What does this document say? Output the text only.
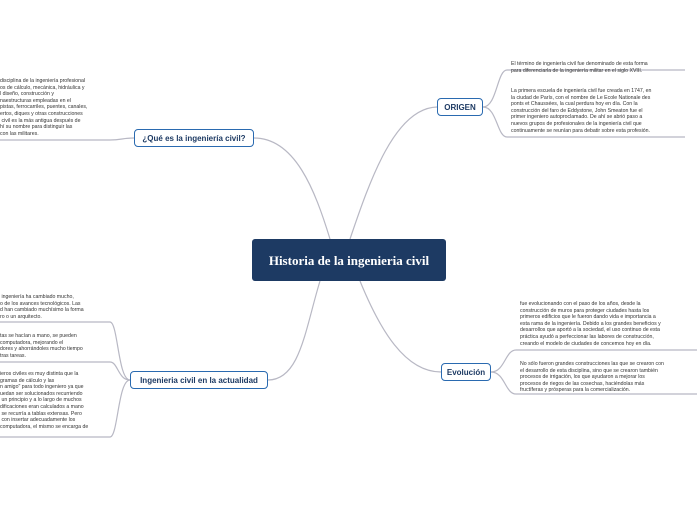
Historia de la ingenieria civil
ORIGEN
¿Qué es la ingeniería civil?
Evolución
Ingenieria civil en la actualidad
El término de ingeniería civil fue denominado de esta forma
para diferenciarla de la ingeniería militar en el siglo XVIII.
La primera escuela de ingeniería civil fue creada en 1747, en
la ciudad de París, con el nombre de Le Ecole Nationale des
ponts et Chaussées, la cual perdura hoy en día. Con la
construcción del faro de Eddystone, John Smeaton fue el
primer ingeniero autoproclamado. De ahí se abrió paso a
nuevos grupos de profesionales de la ingeniería civil que
continuamente se reunían para debatir sobre esta profesión.
disciplina de la ingeniería profesional
os de cálculo, mecánica, hidráulica y
l diseño, construcción y
naestructuras empleadas en el
pistas, ferrocarriles, puentes, canales,
ertos, diques y otras construcciones
civil es la más antigua después de
hí su nombre para distinguir las
con las militares.
fue evolucionando con el paso de los años, desde la
construcción de muros para proteger ciudades hasta los
primeros edificios que le fueron dando vida e importancia a
esta rama de la ingeniería. Debido a los grandes beneficios y
desarrollos que aportó a la sociedad, el uso continuo de esta
práctica ayudó a perfeccionar las labores de construcción,
creando el modelo de ciudades de concemos hoy en día.
No sólo fueron grandes construcciones las que se crearon con
el desarrollo de esta disciplina, sino que se crearon también
procesos de irrigación, los que ayudaron a mejorar los
procesos de riegos de las cosechas, haciéndolas más
fructíferas y prósperas para la comercialización.
ingeniería ha cambiado mucho,
o de los avances tecnológicos. Las
d han cambiado muchísimo la forma
ro o un arquitecto.
tas se hacían a mano, se pueden
computadora, mejorando el
dores y ahorrándoles mucho tiempo
tras tareas.
ieros civiles es muy distinta que la
gramas de cálculo y las
n amigo" para todo ingeniero ya que
uedan ser solucionados recurriendo
un principio y a lo largo de muchos
dificaciones eran calculados a mano
se recurría a tablas extensas. Pero
con insertar adecuadamente los
computadora, el mismo se encarga de
